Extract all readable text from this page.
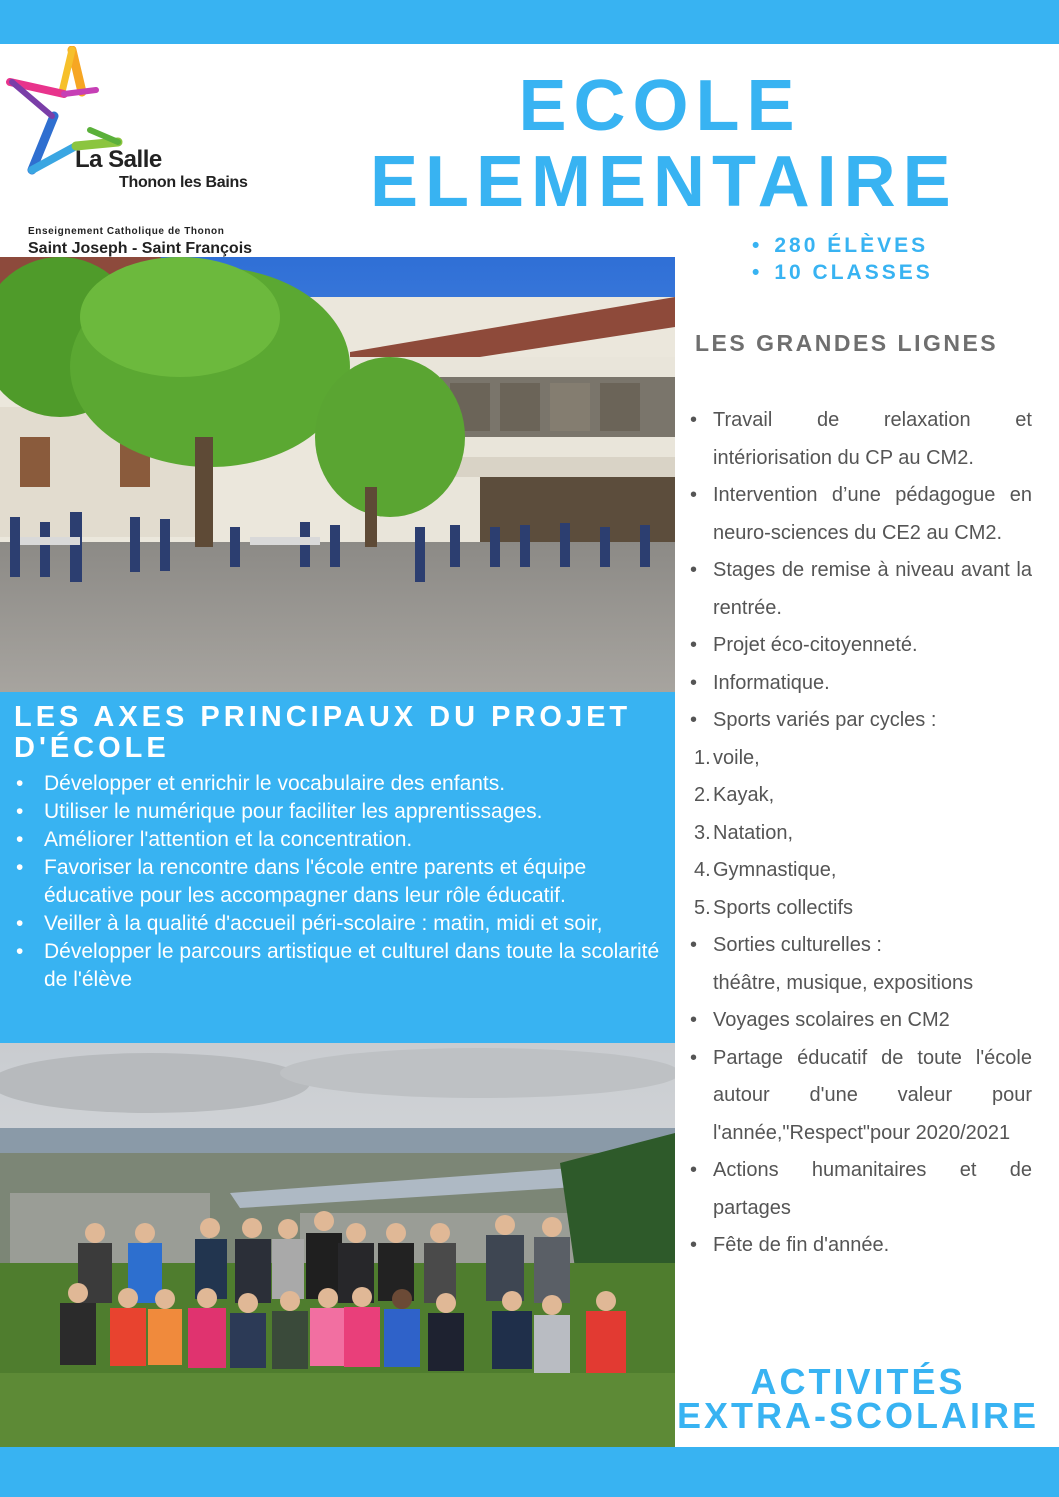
La Salle
Thonon les Bains
Enseignement Catholique de Thonon
Saint Joseph - Saint François
ECOLE
ELEMENTAIRE
• 280 ÉLÈVES
• 10 CLASSES
LES AXES PRINCIPAUX DU PROJET D'ÉCOLE
• Développer et enrichir le vocabulaire des enfants.
• Utiliser le numérique pour faciliter les apprentissages.
• Améliorer l'attention et la concentration.
• Favoriser la rencontre dans l'école entre parents et équipe éducative pour les accompagner dans leur rôle éducatif.
• Veiller à la qualité d'accueil péri-scolaire : matin, midi et soir,
• Développer le parcours artistique et culturel dans toute la scolarité de l'élève
LES GRANDES LIGNES
• Travail de relaxation et intériorisation du CP au CM2.
• Intervention d’une pédagogue en neuro-sciences du CE2 au CM2.
• Stages de remise à niveau avant la rentrée.
• Projet éco-citoyenneté.
• Informatique.
• Sports variés par cycles :
1. voile,
2. Kayak,
3. Natation,
4. Gymnastique,
5. Sports collectifs
• Sorties culturelles :
théâtre, musique, expositions
• Voyages scolaires en CM2
• Partage éducatif de toute l'école autour d'une valeur pour l'année,"Respect"pour 2020/2021
• Actions humanitaires et de partages
• Fête de fin d'année.
ACTIVITÉS
EXTRA-SCOLAIRE
